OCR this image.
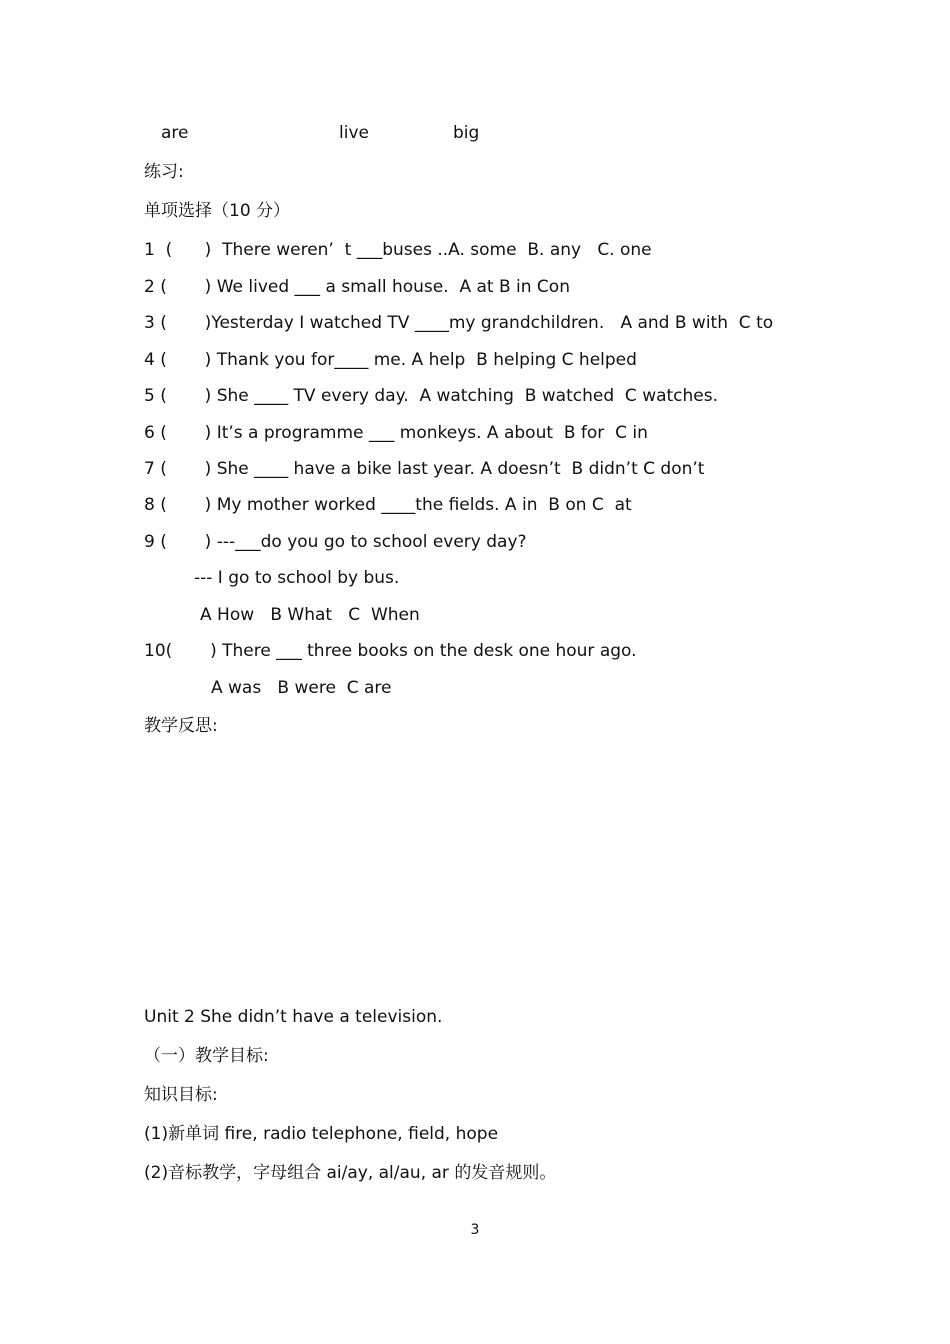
are	live	big
练习:
单项选择（10 分）
1  (      )  There weren’  t ___buses ..A. some  B. any   C. one
2 (       ) We lived ___ a small house.  A at B in Con
3 (       )Yesterday I watched TV ____my grandchildren.   A and B with  C to
4 (       ) Thank you for____ me. A help  B helping C helped
5 (       ) She ____ TV every day.  A watching  B watched  C watches.
6 (       ) It’s a programme ___ monkeys. A about  B for  C in
7 (       ) She ____ have a bike last year. A doesn’t  B didn’t C don’t
8 (       ) My mother worked ____the fields. A in  B on C  at
9 (       ) ---___do you go to school every day?
--- I go to school by bus.
A How   B What   C  When
10(       ) There ___ three books on the desk one hour ago.
A was   B were  C are
教学反思:
Unit 2 She didn’t have a television.
（一）教学目标:
知识目标:
(1)新单词 fire, radio telephone, field, hope
(2)音标教学，字母组合 ai/ay, al/au, ar 的发音规则。
3
